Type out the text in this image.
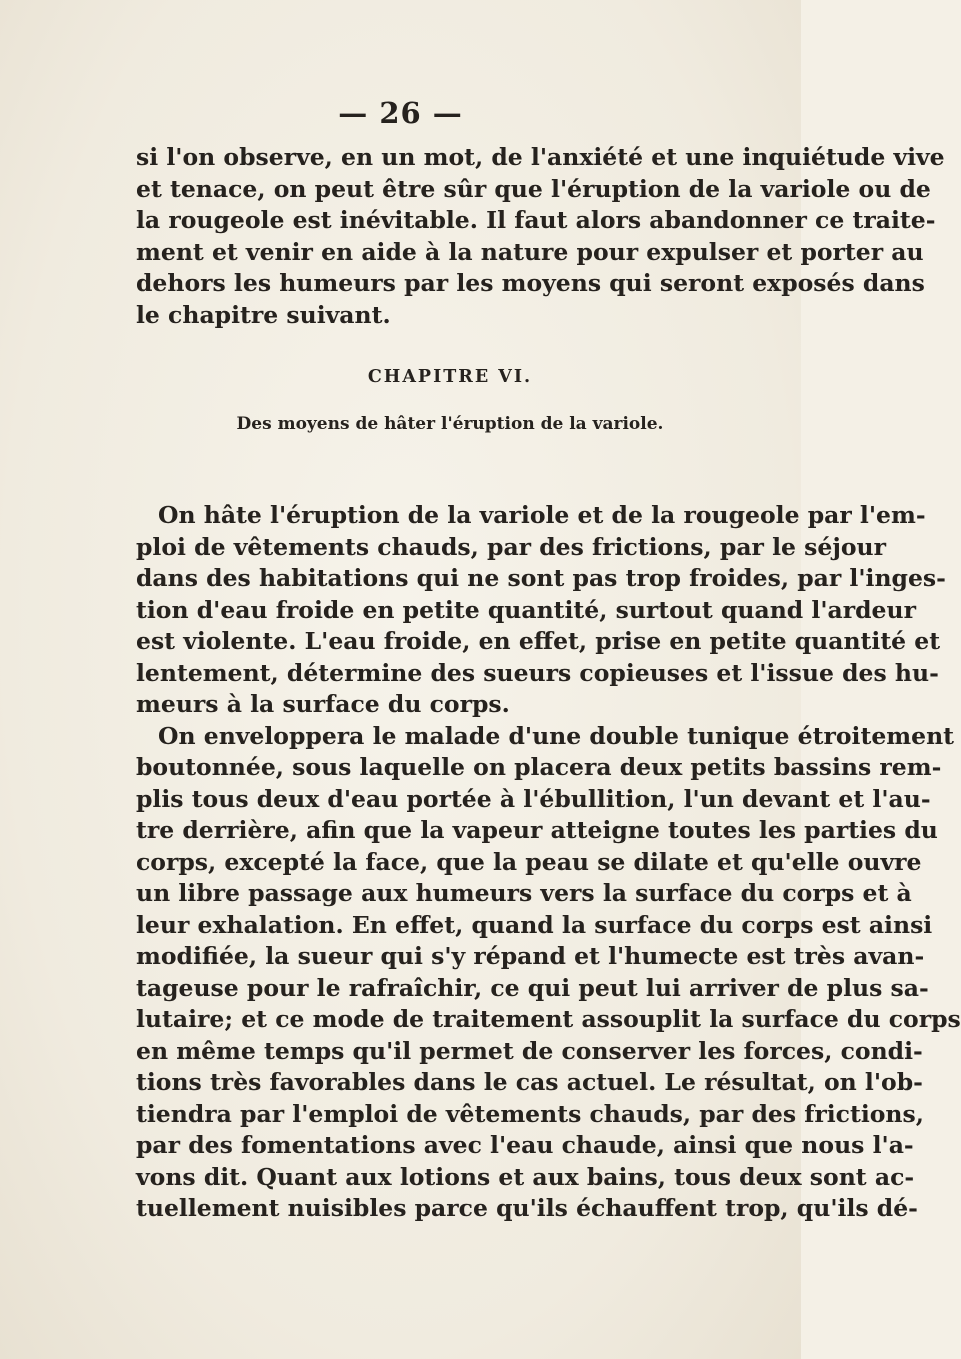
— 26 —
si l'on observe, en un mot, de l'anxiété et une inquiétude vive
et tenace, on peut être sûr que l'éruption de la variole ou de
la rougeole est inévitable. Il faut alors abandonner ce traite-
ment et venir en aide à la nature pour expulser et porter au
dehors les humeurs par les moyens qui seront exposés dans
le chapitre suivant.
CHAPITRE VI.
Des moyens de hâter l'éruption de la variole.
On hâte l'éruption de la variole et de la rougeole par l'em-
ploi de vêtements chauds, par des frictions, par le séjour
dans des habitations qui ne sont pas trop froides, par l'inges-
tion d'eau froide en petite quantité, surtout quand l'ardeur
est violente. L'eau froide, en effet, prise en petite quantité et
lentement, détermine des sueurs copieuses et l'issue des hu-
meurs à la surface du corps.
On enveloppera le malade d'une double tunique étroitement
boutonnée, sous laquelle on placera deux petits bassins rem-
plis tous deux d'eau portée à l'ébullition, l'un devant et l'au-
tre derrière, afin que la vapeur atteigne toutes les parties du
corps, excepté la face, que la peau se dilate et qu'elle ouvre
un libre passage aux humeurs vers la surface du corps et à
leur exhalation. En effet, quand la surface du corps est ainsi
modifiée, la sueur qui s'y répand et l'humecte est très avan-
tageuse pour le rafraîchir, ce qui peut lui arriver de plus sa-
lutaire; et ce mode de traitement assouplit la surface du corps
en même temps qu'il permet de conserver les forces, condi-
tions très favorables dans le cas actuel. Le résultat, on l'ob-
tiendra par l'emploi de vêtements chauds, par des frictions,
par des fomentations avec l'eau chaude, ainsi que nous l'a-
vons dit. Quant aux lotions et aux bains, tous deux sont ac-
tuellement nuisibles parce qu'ils échauffent trop, qu'ils dé-
